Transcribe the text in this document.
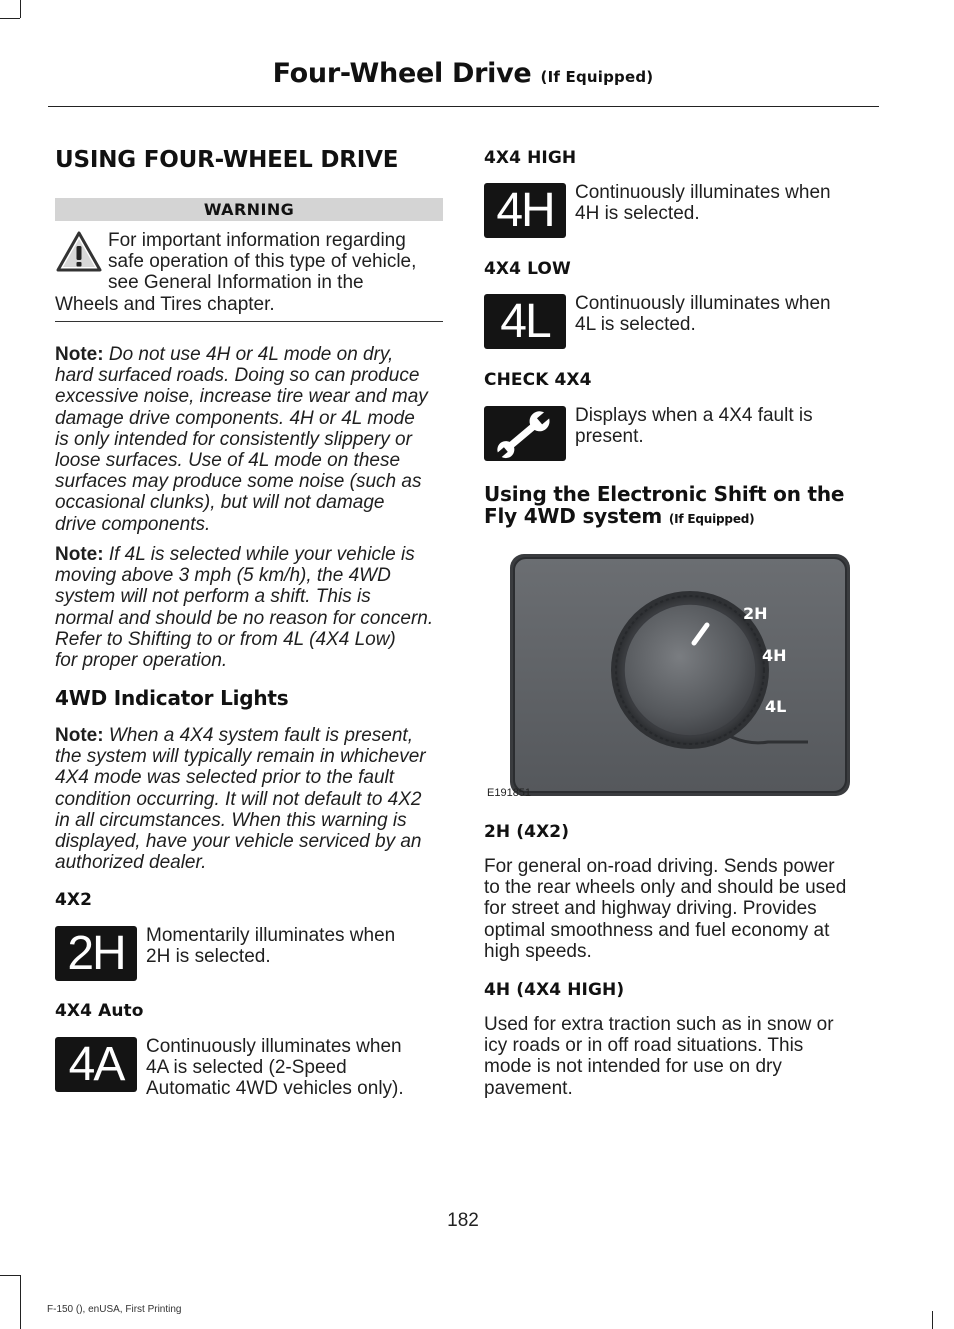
Four-Wheel Drive (If Equipped)
USING FOUR-WHEEL DRIVE
WARNING
For important information regarding
safe operation of this type of vehicle,
see General Information in the
Wheels and Tires chapter.
Note: Do not use 4H or 4L mode on dry,
hard surfaced roads. Doing so can produce
excessive noise, increase tire wear and may
damage drive components. 4H or 4L mode
is only intended for consistently slippery or
loose surfaces. Use of 4L mode on these
surfaces may produce some noise (such as
occasional clunks), but will not damage
drive components.
Note: If 4L is selected while your vehicle is
moving above 3 mph (5 km/h), the 4WD
system will not perform a shift. This is
normal and should be no reason for concern.
Refer to Shifting to or from 4L (4X4 Low)
for proper operation.
4WD Indicator Lights
Note: When a 4X4 system fault is present,
the system will typically remain in whichever
4X4 mode was selected prior to the fault
condition occurring. It will not default to 4X2
in all circumstances. When this warning is
displayed, have your vehicle serviced by an
authorized dealer.
4X2
2H	Momentarily illuminates when
2H is selected.
4X4 Auto
4A	Continuously illuminates when
4A is selected (2-Speed
Automatic 4WD vehicles only).
4X4 HIGH
4H	Continuously illuminates when
4H is selected.
4X4 LOW
4L	Continuously illuminates when
4L is selected.
CHECK 4X4
Displays when a 4X4 fault is
present.
Using the Electronic Shift on the
Fly 4WD system (If Equipped)
2H
4H
4L
E191851
2H (4X2)
For general on-road driving. Sends power
to the rear wheels only and should be used
for street and highway driving. Provides
optimal smoothness and fuel economy at
high speeds.
4H (4X4 HIGH)
Used for extra traction such as in snow or
icy roads or in off road situations. This
mode is not intended for use on dry
pavement.
182
F-150 (), enUSA, First Printing
